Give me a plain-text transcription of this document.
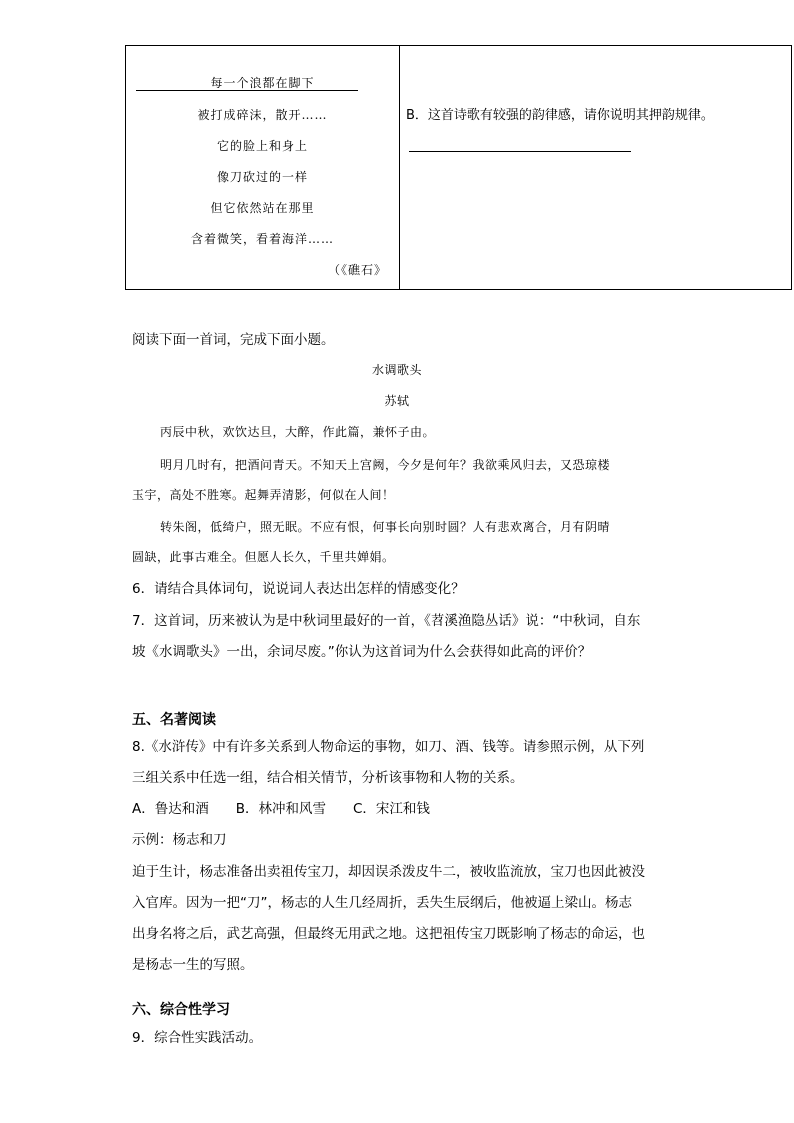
每一个浪都在脚下
被打成碎沫，散开……
它的脸上和身上
像刀砍过的一样
但它依然站在那里
含着微笑，看着海洋……
（《礁石》
B．这首诗歌有较强的韵律感，请你说明其押韵规律。
阅读下面一首词，完成下面小题。
水调歌头
苏轼
丙辰中秋，欢饮达旦，大醉，作此篇，兼怀子由。
明月几时有，把酒问青天。不知天上宫阙，今夕是何年？我欲乘风归去，又恐琼楼
玉宇，高处不胜寒。起舞弄清影，何似在人间！
转朱阁，低绮户，照无眠。不应有恨，何事长向别时圆？人有悲欢离合，月有阴晴
圆缺，此事古难全。但愿人长久，千里共婵娟。
6．请结合具体词句，说说词人表达出怎样的情感变化？
7．这首词，历来被认为是中秋词里最好的一首，《苕溪渔隐丛话》说：“中秋词，自东
坡《水调歌头》一出，余词尽废。”你认为这首词为什么会获得如此高的评价？
五、名著阅读
8.《水浒传》中有许多关系到人物命运的事物，如刀、酒、钱等。请参照示例，从下列
三组关系中任选一组，结合相关情节，分析该事物和人物的关系。
A．鲁达和酒　　B．林冲和风雪　　C．宋江和钱
示例：杨志和刀
迫于生计，杨志准备出卖祖传宝刀，却因误杀泼皮牛二，被收监流放，宝刀也因此被没
入官库。因为一把“刀”，杨志的人生几经周折，丢失生辰纲后，他被逼上梁山。杨志
出身名将之后，武艺高强，但最终无用武之地。这把祖传宝刀既影响了杨志的命运，也
是杨志一生的写照。
六、综合性学习
9．综合性实践活动。
